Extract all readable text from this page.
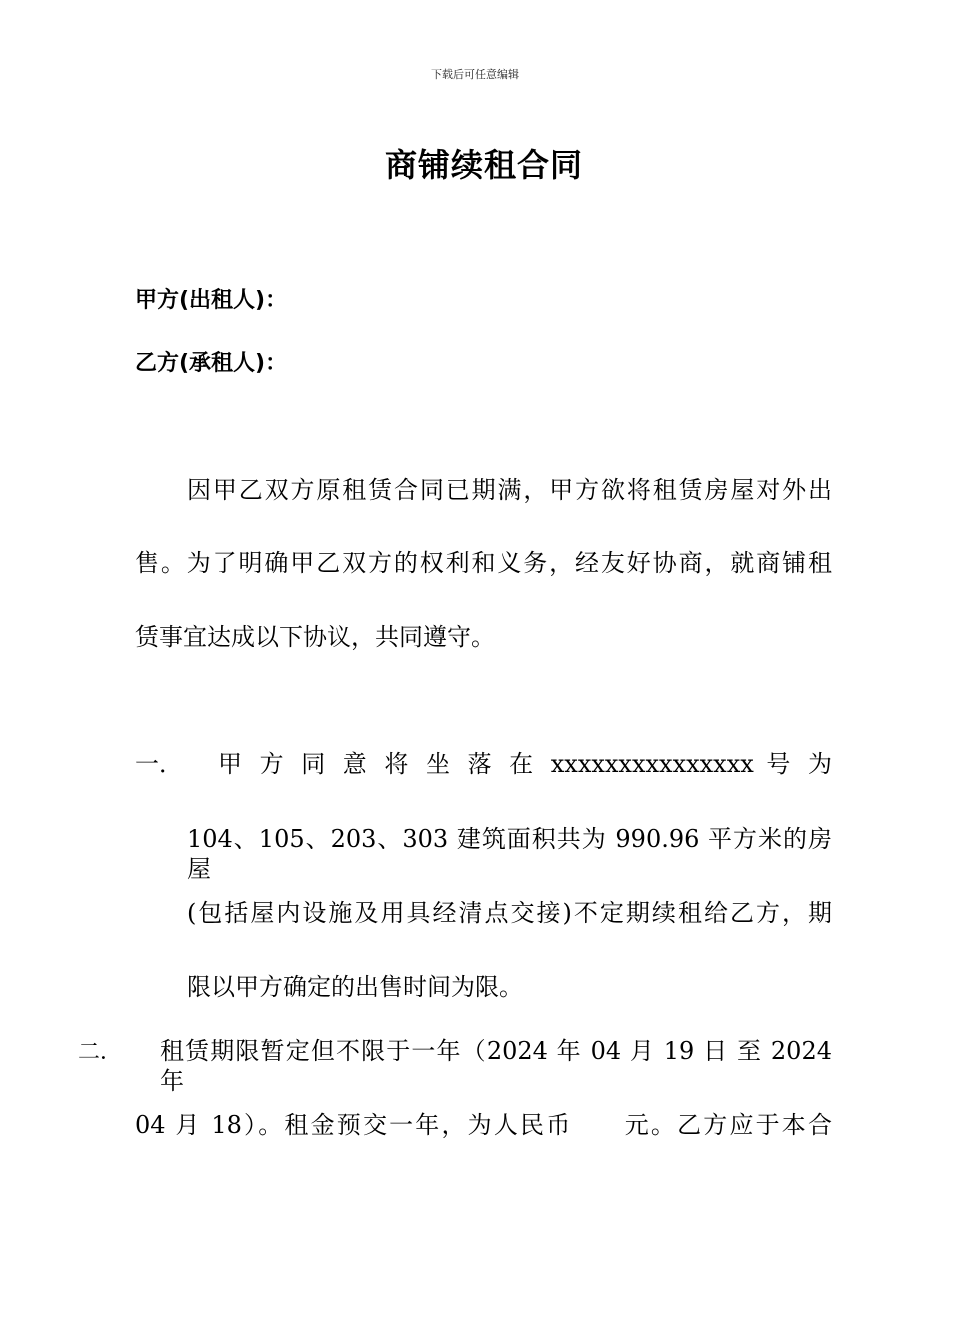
下载后可任意编辑
商铺续租合同
甲方(出租人)：
乙方(承租人)：
因甲乙双方原租赁合同已期满，甲方欲将租赁房屋对外出
售。为了明确甲乙双方的权利和义务，经友好协商，就商铺租
赁事宜达成以下协议，共同遵守。
一． 甲 方 同 意 将 坐 落 在 xxxxxxxxxxxxxxx 号 为
104、105、203、303 建筑面积共为 990.96 平方米的房屋
(包括屋内设施及用具经清点交接)不定期续租给乙方，期
限以甲方确定的出售时间为限。
二． 租赁期限暂定但不限于一年（2024 年 04 月 19 日 至 2024 年
04 月 18）。租金预交一年，为人民币　　元。乙方应于本合
